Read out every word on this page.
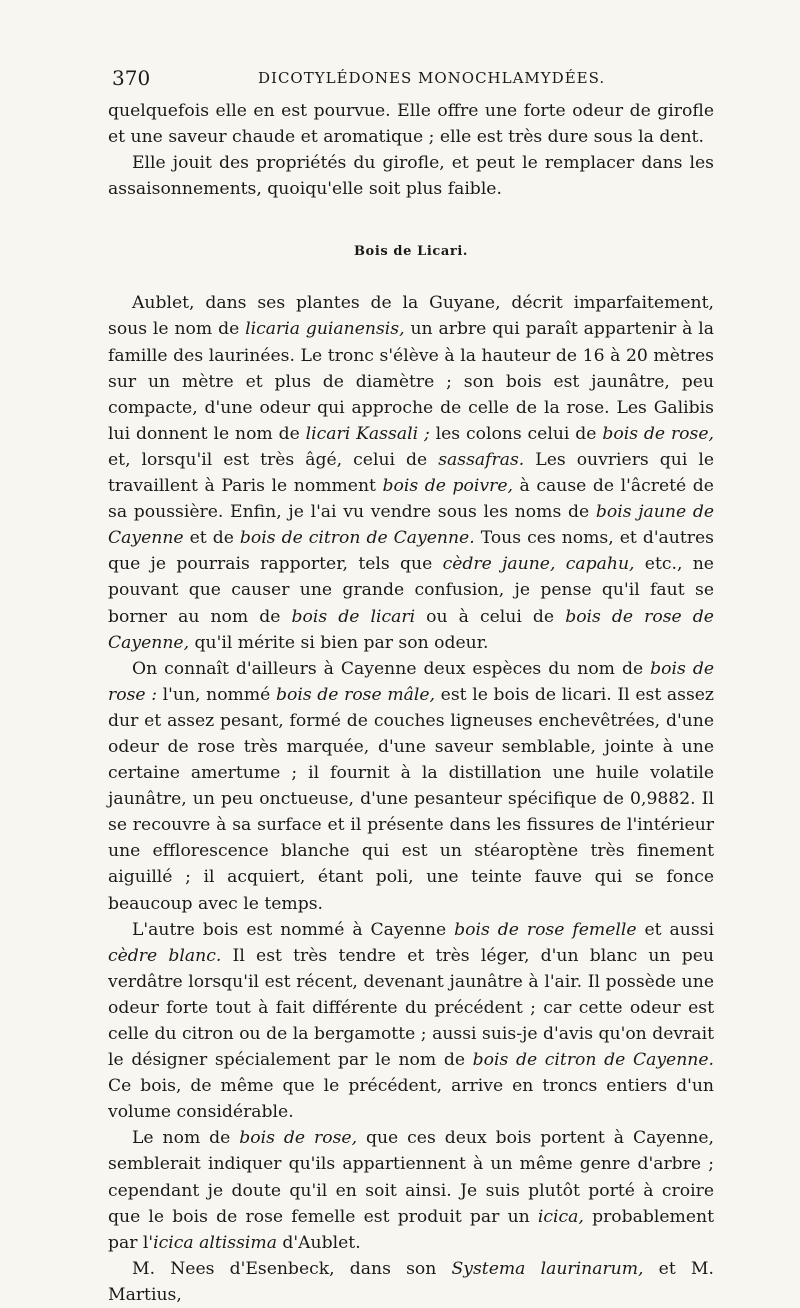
370	DICOTYLÉDONES MONOCHLAMYDÉES.

quelquefois elle en est pourvue. Elle offre une forte odeur de girofle et une saveur chaude et aromatique ; elle est très dure sous la dent.

Elle jouit des propriétés du girofle, et peut le remplacer dans les assaisonnements, quoiqu'elle soit plus faible.

Bois de Licari.

Aublet, dans ses plantes de la Guyane, décrit imparfaitement, sous le nom de licaria guianensis, un arbre qui paraît appartenir à la famille des laurinées. Le tronc s'élève à la hauteur de 16 à 20 mètres sur un mètre et plus de diamètre ; son bois est jaunâtre, peu compacte, d'une odeur qui approche de celle de la rose. Les Galibis lui donnent le nom de licari Kassali ; les colons celui de bois de rose, et, lorsqu'il est très âgé, celui de sassafras. Les ouvriers qui le travaillent à Paris le nomment bois de poivre, à cause de l'âcreté de sa poussière. Enfin, je l'ai vu vendre sous les noms de bois jaune de Cayenne et de bois de citron de Cayenne. Tous ces noms, et d'autres que je pourrais rapporter, tels que cèdre jaune, capahu, etc., ne pouvant que causer une grande confusion, je pense qu'il faut se borner au nom de bois de licari ou à celui de bois de rose de Cayenne, qu'il mérite si bien par son odeur.

On connaît d'ailleurs à Cayenne deux espèces du nom de bois de rose : l'un, nommé bois de rose mâle, est le bois de licari. Il est assez dur et assez pesant, formé de couches ligneuses enchevêtrées, d'une odeur de rose très marquée, d'une saveur semblable, jointe à une certaine amertume ; il fournit à la distillation une huile volatile jaunâtre, un peu onctueuse, d'une pesanteur spécifique de 0,9882. Il se recouvre à sa surface et il présente dans les fissures de l'intérieur une efflorescence blanche qui est un stéaroptène très finement aiguillé ; il acquiert, étant poli, une teinte fauve qui se fonce beaucoup avec le temps.

L'autre bois est nommé à Cayenne bois de rose femelle et aussi cèdre blanc. Il est très tendre et très léger, d'un blanc un peu verdâtre lorsqu'il est récent, devenant jaunâtre à l'air. Il possède une odeur forte tout à fait différente du précédent ; car cette odeur est celle du citron ou de la bergamotte ; aussi suis-je d'avis qu'on devrait le désigner spécialement par le nom de bois de citron de Cayenne. Ce bois, de même que le précédent, arrive en troncs entiers d'un volume considérable.

Le nom de bois de rose, que ces deux bois portent à Cayenne, semblerait indiquer qu'ils appartiennent à un même genre d'arbre ; cependant je doute qu'il en soit ainsi. Je suis plutôt porté à croire que le bois de rose femelle est produit par un icica, probablement par l'icica altissima d'Aublet.

M. Nees d'Esenbeck, dans son Systema laurinarum, et M. Martius,
